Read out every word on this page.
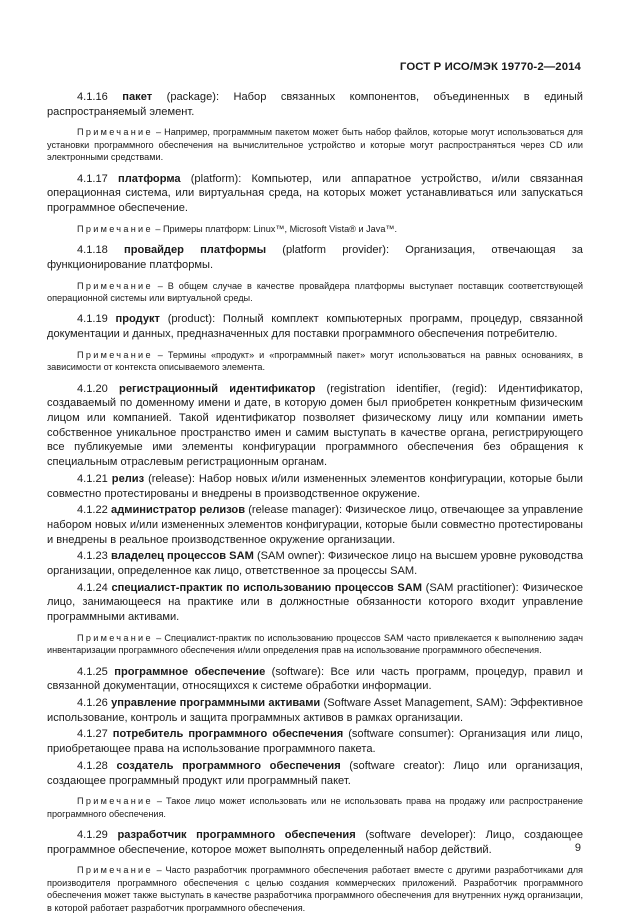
ГОСТ Р ИСО/МЭК 19770-2—2014

4.1.16 пакет (package): Набор связанных компонентов, объединенных в единый распространяемый элемент.

Примечание – Например, программным пакетом может быть набор файлов, которые могут использоваться для установки программного обеспечения на вычислительное устройство и которые могут распространяться через CD или электронными средствами.

4.1.17 платформа (platform): Компьютер, или аппаратное устройство, и/или связанная операционная система, или виртуальная среда, на которых может устанавливаться или запускаться программное обеспечение.

Примечание – Примеры платформ: Linux™, Microsoft Vista® и Java™.

4.1.18 провайдер платформы (platform provider): Организация, отвечающая за функционирование платформы.

Примечание – В общем случае в качестве провайдера платформы выступает поставщик соответствующей операционной системы или виртуальной среды.

4.1.19 продукт (product): Полный комплект компьютерных программ, процедур, связанной документации и данных, предназначенных для поставки программного обеспечения потребителю.

Примечание – Термины «продукт» и «программный пакет» могут использоваться на равных основаниях, в зависимости от контекста описываемого элемента.

4.1.20 регистрационный идентификатор (registration identifier, (regid): Идентификатор, создаваемый по доменному имени и дате, в которую домен был приобретен конкретным физическим лицом или компанией. Такой идентификатор позволяет физическому лицу или компании иметь собственное уникальное пространство имен и самим выступать в качестве органа, регистрирующего все публикуемые ими элементы конфигурации программного обеспечения без обращения к специальным отраслевым регистрационным органам.

4.1.21 релиз (release): Набор новых и/или измененных элементов конфигурации, которые были совместно протестированы и внедрены в производственное окружение.

4.1.22 администратор релизов (release manager): Физическое лицо, отвечающее за управление набором новых и/или измененных элементов конфигурации, которые были совместно протестированы и внедрены в реальное производственное окружение организации.

4.1.23 владелец процессов SAM (SAM owner): Физическое лицо на высшем уровне руководства организации, определенное как лицо, ответственное за процессы SAM.

4.1.24 специалист-практик по использованию процессов SAM (SAM practitioner): Физическое лицо, занимающееся на практике или в должностные обязанности которого входит управление программными активами.

Примечание – Специалист-практик по использованию процессов SAM часто привлекается к выполнению задач инвентаризации программного обеспечения и/или определения прав на использование программного обеспечения.

4.1.25 программное обеспечение (software): Все или часть программ, процедур, правил и связанной документации, относящихся к системе обработки информации.

4.1.26 управление программными активами (Software Asset Management, SAM): Эффективное использование, контроль и защита программных активов в рамках организации.

4.1.27 потребитель программного обеспечения (software consumer): Организация или лицо, приобретающее права на использование программного пакета.

4.1.28 создатель программного обеспечения (software creator): Лицо или организация, создающее программный продукт или программный пакет.

Примечание – Такое лицо может использовать или не использовать права на продажу или распространение программного обеспечения.

4.1.29 разработчик программного обеспечения (software developer): Лицо, создающее программное обеспечение, которое может выполнять определенный набор действий.

Примечание – Часто разработчик программного обеспечения работает вместе с другими разработчиками для производителя программного обеспечения с целью создания коммерческих приложений. Разработчик программного обеспечения может также выступать в качестве разработчика программного обеспечения для внутренних нужд организации, в которой работает разработчик программного обеспечения.

9
